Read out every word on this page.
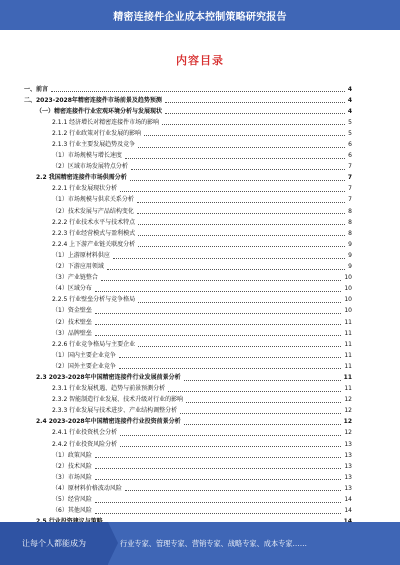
精密连接件企业成本控制策略研究报告
内容目录
一、前言	4
二、2023-2028年精密连接件市场前景及趋势预测	4
（一）精密连接件行业宏观环境分析与发展现状	4
2.1.1 经济增长对精密连接件市场的影响	5
2.1.2 行业政策对行业发展的影响	5
2.1.3 行业主要发展趋势及竞争	6
（1）市场规模与增长速度	6
（2）区域市场发展特点分析	7
2.2 我国精密连接件市场供需分析	7
2.2.1 行业发展现状分析	7
（1）市场规模与供求关系分析	7
（2）技术发展与产品结构变化	8
2.2.2 行业技术水平与技术特点	8
2.2.3 行业经营模式与盈利模式	8
2.2.4 上下游产业链关联度分析	9
（1）上游原材料供应	9
（2）下游应用领域	9
（3）产业链整合	10
（4）区域分布	10
2.2.5 行业壁垒分析与竞争格局	10
（1）资金壁垒	10
（2）技术壁垒	11
（3）品牌壁垒	11
2.2.6 行业竞争格局与主要企业	11
（1）国内主要企业竞争	11
（2）国外主要企业竞争	11
2.3 2023-2028年中国精密连接件行业发展前景分析	11
2.3.1 行业发展机遇、趋势与前景预测分析	11
2.3.2 智能制造行业发展、技术升级对行业的影响	12
2.3.3 行业发展与技术进步、产业结构调整分析	12
2.4 2023-2028年中国精密连接件行业投资前景分析	12
2.4.1 行业投资机会分析	12
2.4.2 行业投资风险分析	13
（1）政策风险	13
（2）技术风险	13
（3）市场风险	13
（4）原材料价格波动风险	13
（5）经营风险	14
（6）其他风险	14
让每个人都能成为	行业专家、管理专家、营销专家、战略专家、成本专家……
